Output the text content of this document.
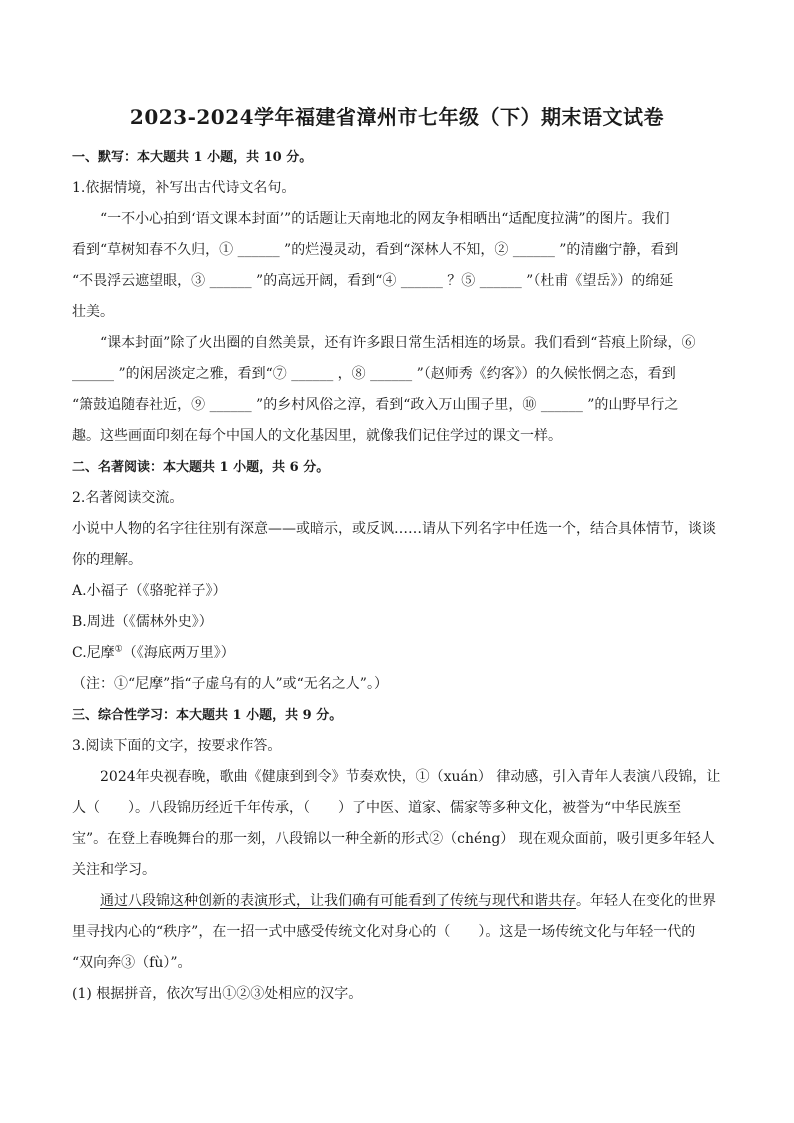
2023-2024学年福建省漳州市七年级（下）期末语文试卷
一、默写：本大题共 1 小题，共 10 分。
1.依据情境，补写出古代诗文名句。
“一不小心拍到‘语文课本封面’”的话题让天南地北的网友争相晒出“适配度拉满”的图片。我们
看到“草树知春不久归，① ______ ”的烂漫灵动，看到“深林人不知，② ______ ”的清幽宁静，看到
“不畏浮云遮望眼，③ ______ ”的高远开阔，看到“④ ______ ？⑤ ______ ”（杜甫《望岳》）的绵延
壮美。
“课本封面”除了火出圈的自然美景，还有许多跟日常生活相连的场景。我们看到“苔痕上阶绿，⑥
______ ”的闲居淡定之雅，看到“⑦ ______ ，⑧ ______ ”（赵师秀《约客》）的久候怅惘之态，看到
“箫鼓追随春社近，⑨ ______ ”的乡村风俗之淳，看到“政入万山围子里，⑩ ______ ”的山野早行之
趣。这些画面印刻在每个中国人的文化基因里，就像我们记住学过的课文一样。
二、名著阅读：本大题共 1 小题，共 6 分。
2.名著阅读交流。
小说中人物的名字往往别有深意——或暗示，或反讽……请从下列名字中任选一个，结合具体情节，谈谈
你的理解。
A.小福子（《骆驼祥子》）
B.周进（《儒林外史》）
C.尼摩①（《海底两万里》）
（注：①“尼摩”指“子虚乌有的人”或“无名之人”。）
三、综合性学习：本大题共 1 小题，共 9 分。
3.阅读下面的文字，按要求作答。
2024年央视春晚，歌曲《健康到到令》节奏欢快，①（xuán） 律动感，引入青年人表演八段锦，让
人（　　）。八段锦历经近千年传承，（　　）了中医、道家、儒家等多种文化，被誉为“中华民族至
宝”。在登上春晚舞台的那一刻，八段锦以一种全新的形式②（chéng） 现在观众面前，吸引更多年轻人
关注和学习。
通过八段锦这种创新的表演形式，让我们确有可能看到了传统与现代和谐共存。年轻人在变化的世界
里寻找内心的“秩序”，在一招一式中感受传统文化对身心的（　　）。这是一场传统文化与年轻一代的
“双向奔③（fù）”。
(1) 根据拼音，依次写出①②③处相应的汉字。
